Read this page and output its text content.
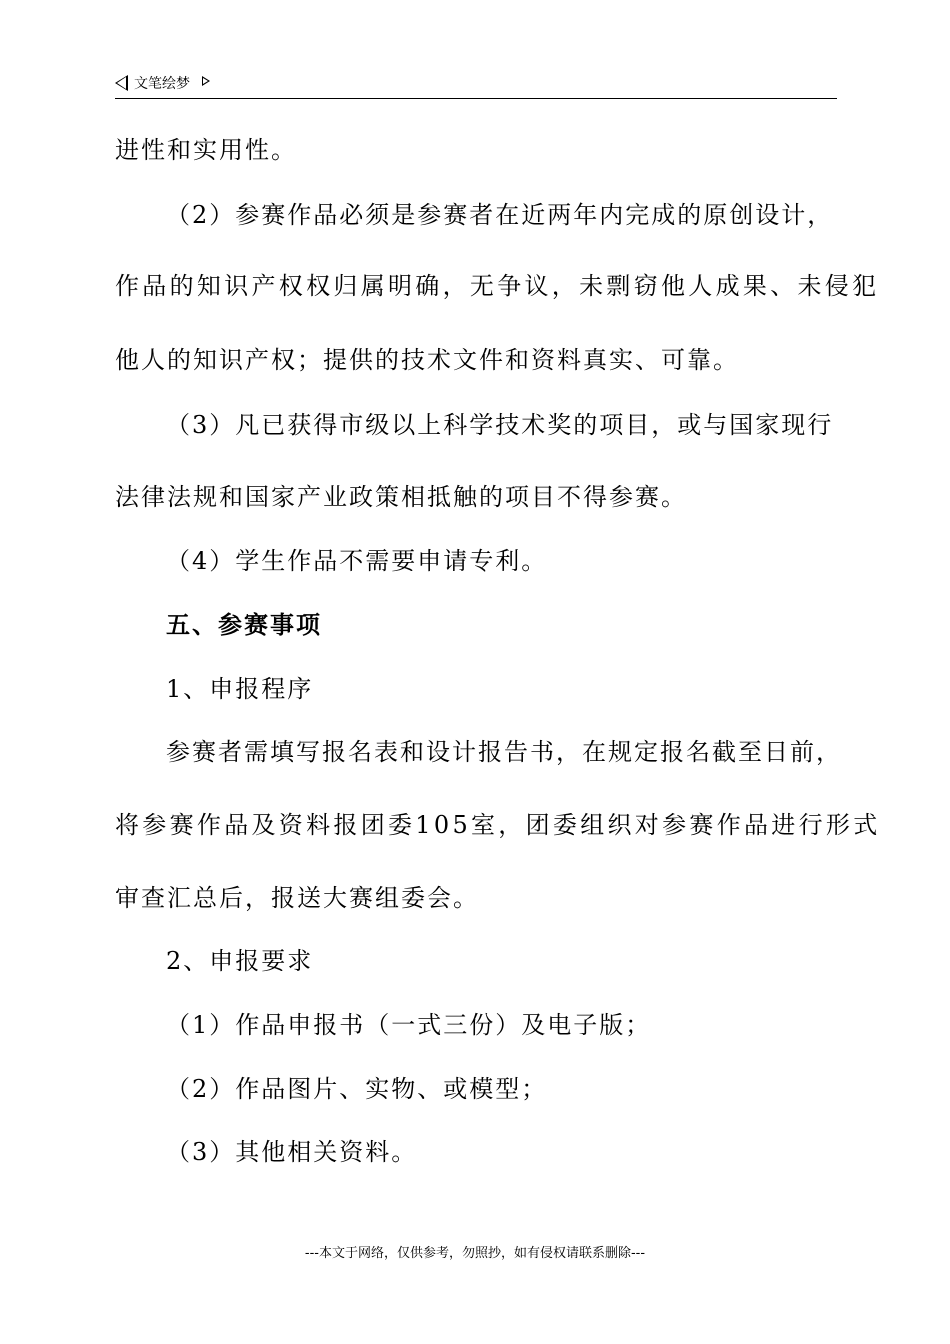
文笔绘梦
进性和实用性。
（2）参赛作品必须是参赛者在近两年内完成的原创设计，
作品的知识产权权归属明确，无争议，未剽窃他人成果、未侵犯
他人的知识产权；提供的技术文件和资料真实、可靠。
（3）凡已获得市级以上科学技术奖的项目，或与国家现行
法律法规和国家产业政策相抵触的项目不得参赛。
（4）学生作品不需要申请专利。
五、参赛事项
1、申报程序
参赛者需填写报名表和设计报告书，在规定报名截至日前，
将参赛作品及资料报团委105室，团委组织对参赛作品进行形式
审查汇总后，报送大赛组委会。
2、申报要求
（1）作品申报书（一式三份）及电子版；
（2）作品图片、实物、或模型；
（3）其他相关资料。
---本文于网络，仅供参考，勿照抄，如有侵权请联系删除---
